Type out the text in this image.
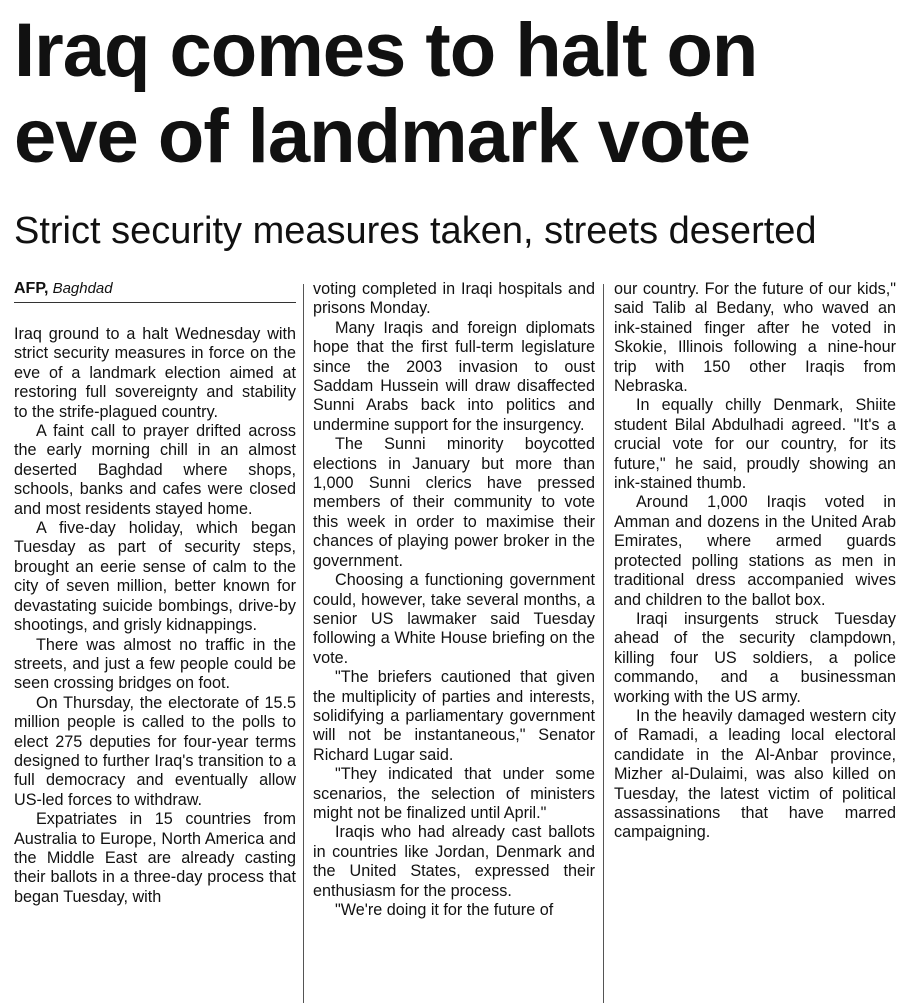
Iraq comes to halt on eve of landmark vote
Strict security measures taken, streets deserted
AFP, Baghdad

Iraq ground to a halt Wednesday with strict security measures in force on the eve of a landmark election aimed at restoring full sovereignty and stability to the strife-plagued country.

A faint call to prayer drifted across the early morning chill in an almost deserted Baghdad where shops, schools, banks and cafes were closed and most residents stayed home.

A five-day holiday, which began Tuesday as part of security steps, brought an eerie sense of calm to the city of seven million, better known for devastating suicide bombings, drive-by shootings, and grisly kidnappings.

There was almost no traffic in the streets, and just a few people could be seen crossing bridges on foot.

On Thursday, the electorate of 15.5 million people is called to the polls to elect 275 deputies for four-year terms designed to further Iraq's transition to a full democracy and eventually allow US-led forces to withdraw.

Expatriates in 15 countries from Australia to Europe, North America and the Middle East are already casting their ballots in a three-day process that began Tuesday, with

voting completed in Iraqi hospitals and prisons Monday.

Many Iraqis and foreign diplomats hope that the first full-term legislature since the 2003 invasion to oust Saddam Hussein will draw disaffected Sunni Arabs back into politics and undermine support for the insurgency.

The Sunni minority boycotted elections in January but more than 1,000 Sunni clerics have pressed members of their community to vote this week in order to maximise their chances of playing power broker in the government.

Choosing a functioning government could, however, take several months, a senior US lawmaker said Tuesday following a White House briefing on the vote.

"The briefers cautioned that given the multiplicity of parties and interests, solidifying a parliamentary government will not be instantaneous," Senator Richard Lugar said.

"They indicated that under some scenarios, the selection of ministers might not be finalized until April."

Iraqis who had already cast ballots in countries like Jordan, Denmark and the United States, expressed their enthusiasm for the process.

"We're doing it for the future of

our country. For the future of our kids," said Talib al Bedany, who waved an ink-stained finger after he voted in Skokie, Illinois following a nine-hour trip with 150 other Iraqis from Nebraska.

In equally chilly Denmark, Shiite student Bilal Abdulhadi agreed. "It's a crucial vote for our country, for its future," he said, proudly showing an ink-stained thumb.

Around 1,000 Iraqis voted in Amman and dozens in the United Arab Emirates, where armed guards protected polling stations as men in traditional dress accompanied wives and children to the ballot box.

Iraqi insurgents struck Tuesday ahead of the security clampdown, killing four US soldiers, a police commando, and a businessman working with the US army.

In the heavily damaged western city of Ramadi, a leading local electoral candidate in the Al-Anbar province, Mizher al-Dulaimi, was also killed on Tuesday, the latest victim of political assassinations that have marred campaigning.
